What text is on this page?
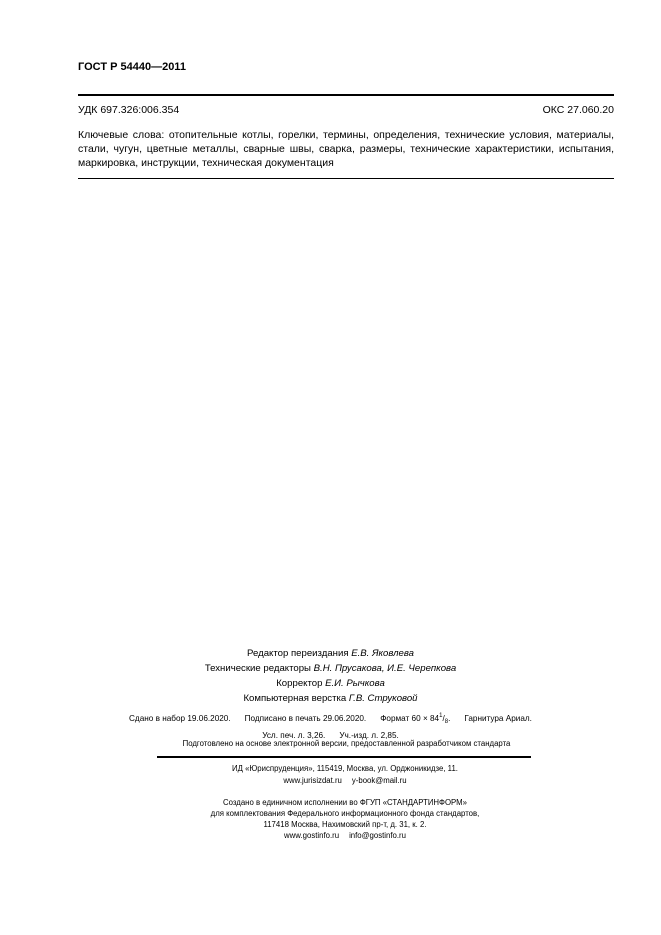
ГОСТ Р 54440—2011
УДК 697.326:006.354	ОКС 27.060.20
Ключевые слова: отопительные котлы, горелки, термины, определения, технические условия, материалы, стали, чугун, цветные металлы, сварные швы, сварка, размеры, технические характеристики, испытания, маркировка, инструкции, техническая документация
Редактор переиздания Е.В. Яковлева
Технические редакторы В.Н. Прусакова, И.Е. Черепкова
Корректор Е.И. Рычкова
Компьютерная верстка Г.В. Струковой
Сдано в набор 19.06.2020. Подписано в печать 29.06.2020. Формат $60 \times 84^1/_8$. Гарнитура Ариал.
Усл. печ. л. 3,26. Уч.-изд. л. 2,85.
Подготовлено на основе электронной версии, предоставленной разработчиком стандарта
ИД «Юриспруденция», 115419, Москва, ул. Орджоникидзе, 11.
www.jurisizdat.ru y-book@mail.ru
Создано в единичном исполнении во ФГУП «СТАНДАРТИНФОРМ»
для комплектования Федерального информационного фонда стандартов,
117418 Москва, Нахимовский пр-т, д. 31, к. 2.
www.gostinfo.ru info@gostinfo.ru
